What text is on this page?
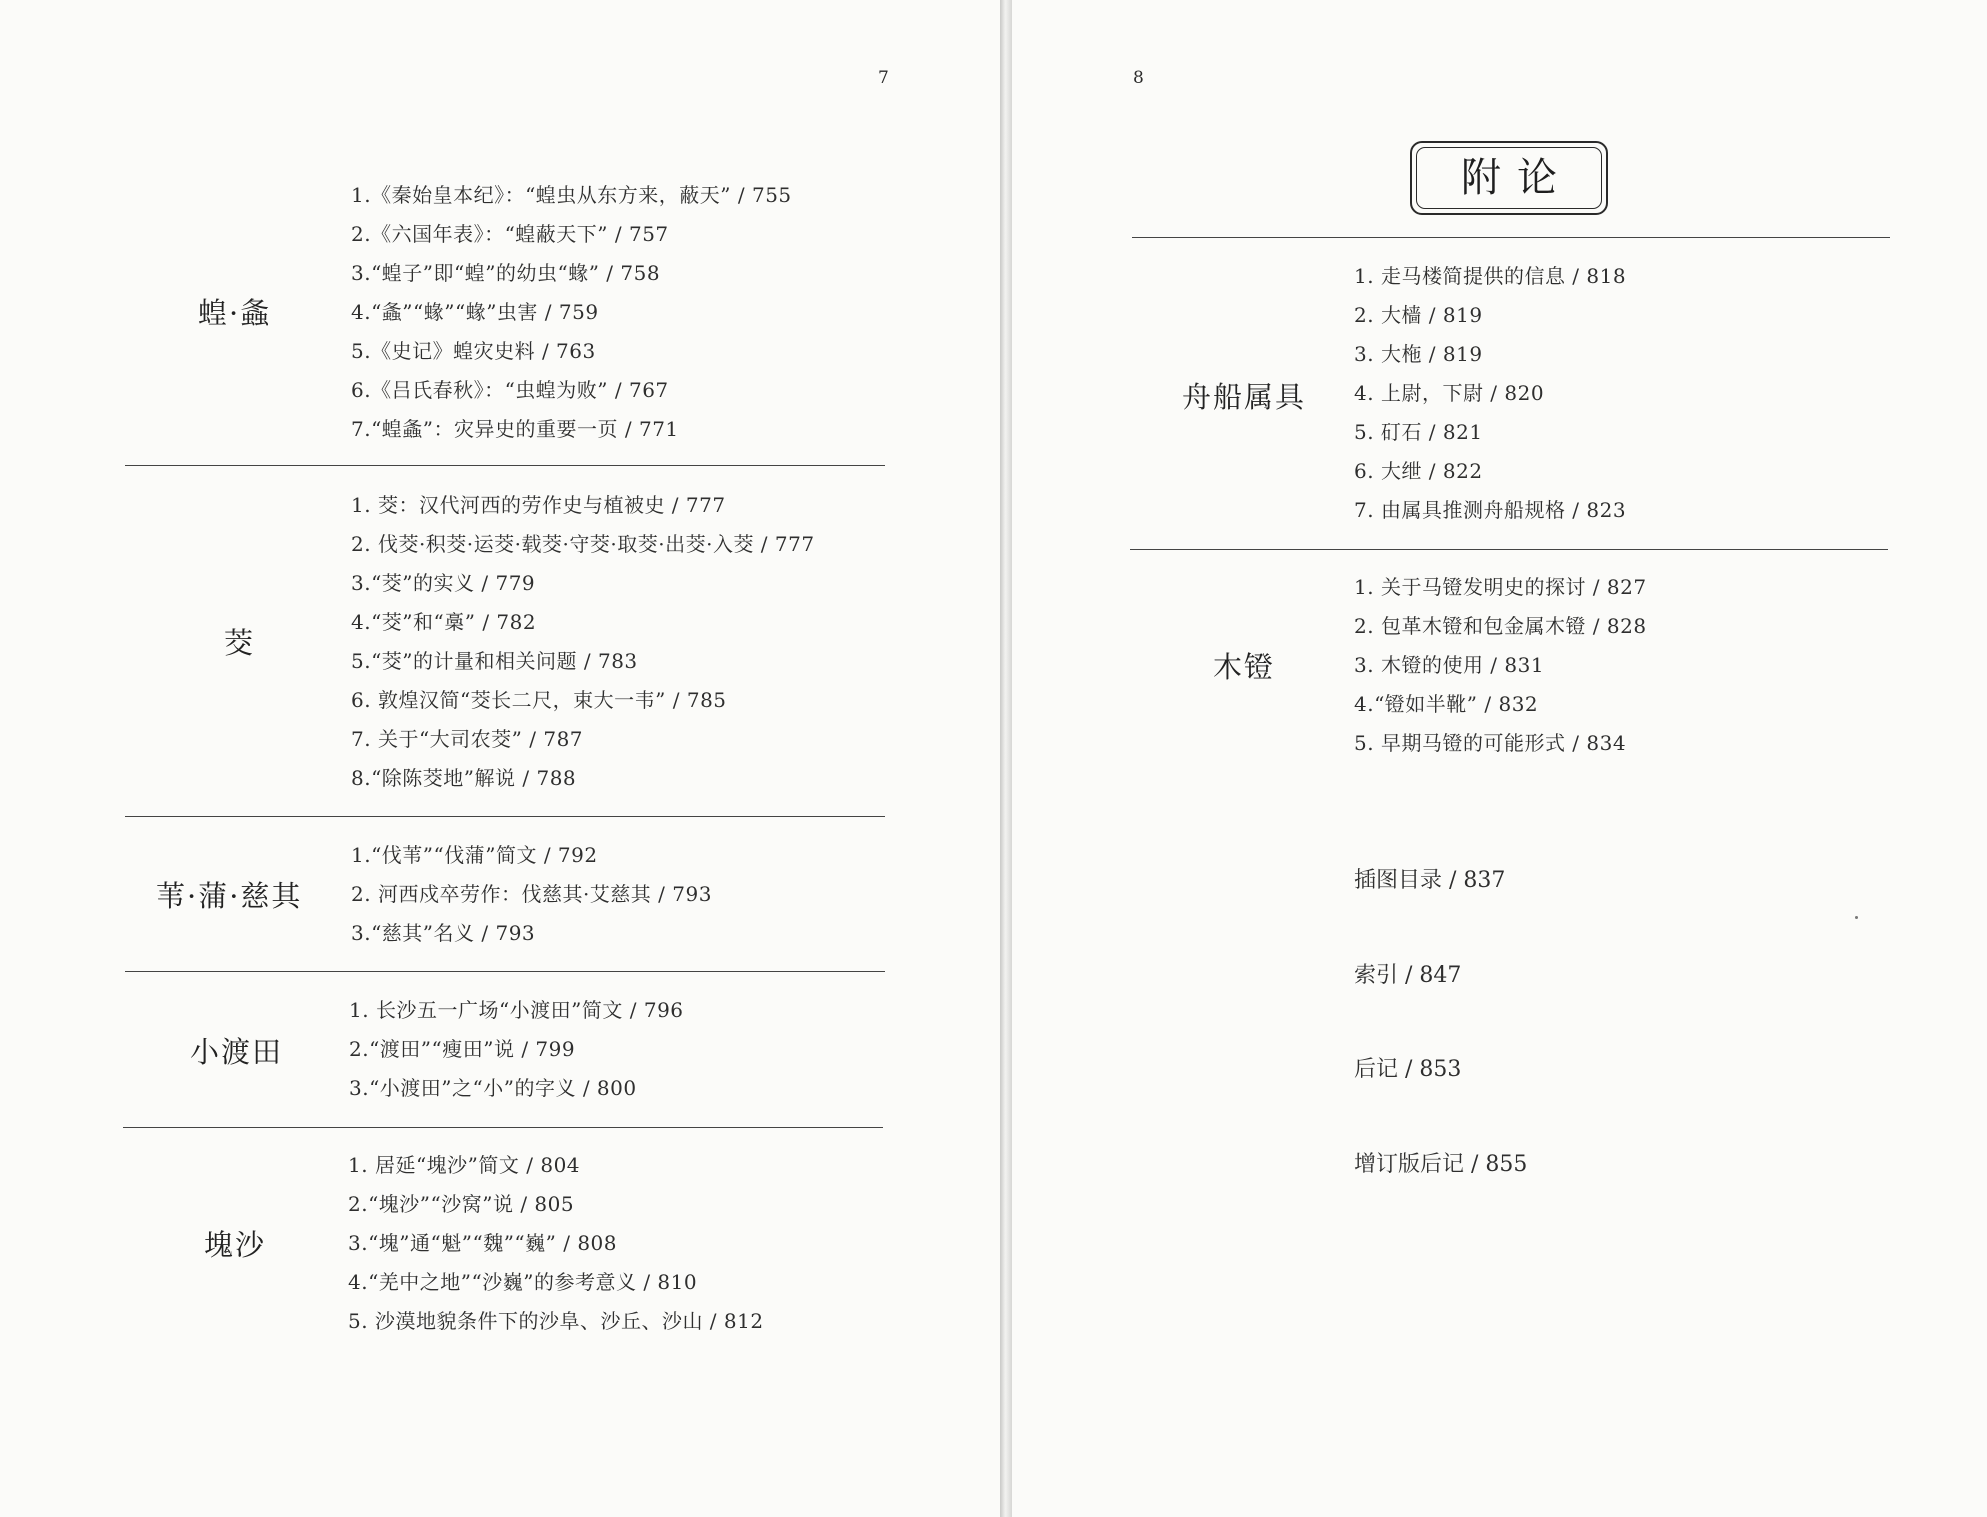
7	8
蝗·螽
1.《秦始皇本纪》：“蝗虫从东方来，蔽天” / 755
2.《六国年表》：“蝗蔽天下” / 757
3.“蝗子”即“蝗”的幼虫“蝝” / 758
4.“螽”“蝝”“蝝”虫害 / 759
5.《史记》蝗灾史料 / 763
6.《吕氏春秋》：“虫蝗为败” / 767
7.“蝗螽”：灾异史的重要一页 / 771
茭
1. 茭：汉代河西的劳作史与植被史 / 777
2. 伐茭·积茭·运茭·载茭·守茭·取茭·出茭·入茭 / 777
3.“茭”的实义 / 779
4.“茭”和“槀” / 782
5.“茭”的计量和相关问题 / 783
6. 敦煌汉简“茭长二尺，束大一韦” / 785
7. 关于“大司农茭” / 787
8.“除陈茭地”解说 / 788
苇·蒲·慈其
1.“伐苇”“伐蒲”简文 / 792
2. 河西戍卒劳作：伐慈其·艾慈其 / 793
3.“慈其”名义 / 793
小渡田
1. 长沙五一广场“小渡田”简文 / 796
2.“渡田”“瘦田”说 / 799
3.“小渡田”之“小”的字义 / 800
塊沙
1. 居延“塊沙”简文 / 804
2.“塊沙”“沙窝”说 / 805
3.“塊”通“魁”“魏”“巍” / 808
4.“羌中之地”“沙巍”的参考意义 / 810
5. 沙漠地貌条件下的沙阜、沙丘、沙山 / 812
附论
舟船属具
1. 走马楼简提供的信息 / 818
2. 大樯 / 819
3. 大柂 / 819
4. 上尉，下尉 / 820
5. 矴石 / 821
6. 大绁 / 822
7. 由属具推测舟船规格 / 823
木镫
1. 关于马镫发明史的探讨 / 827
2. 包革木镫和包金属木镫 / 828
3. 木镫的使用 / 831
4.“镫如半靴” / 832
5. 早期马镫的可能形式 / 834
插图目录 / 837
索引 / 847
后记 / 853
增订版后记 / 855
